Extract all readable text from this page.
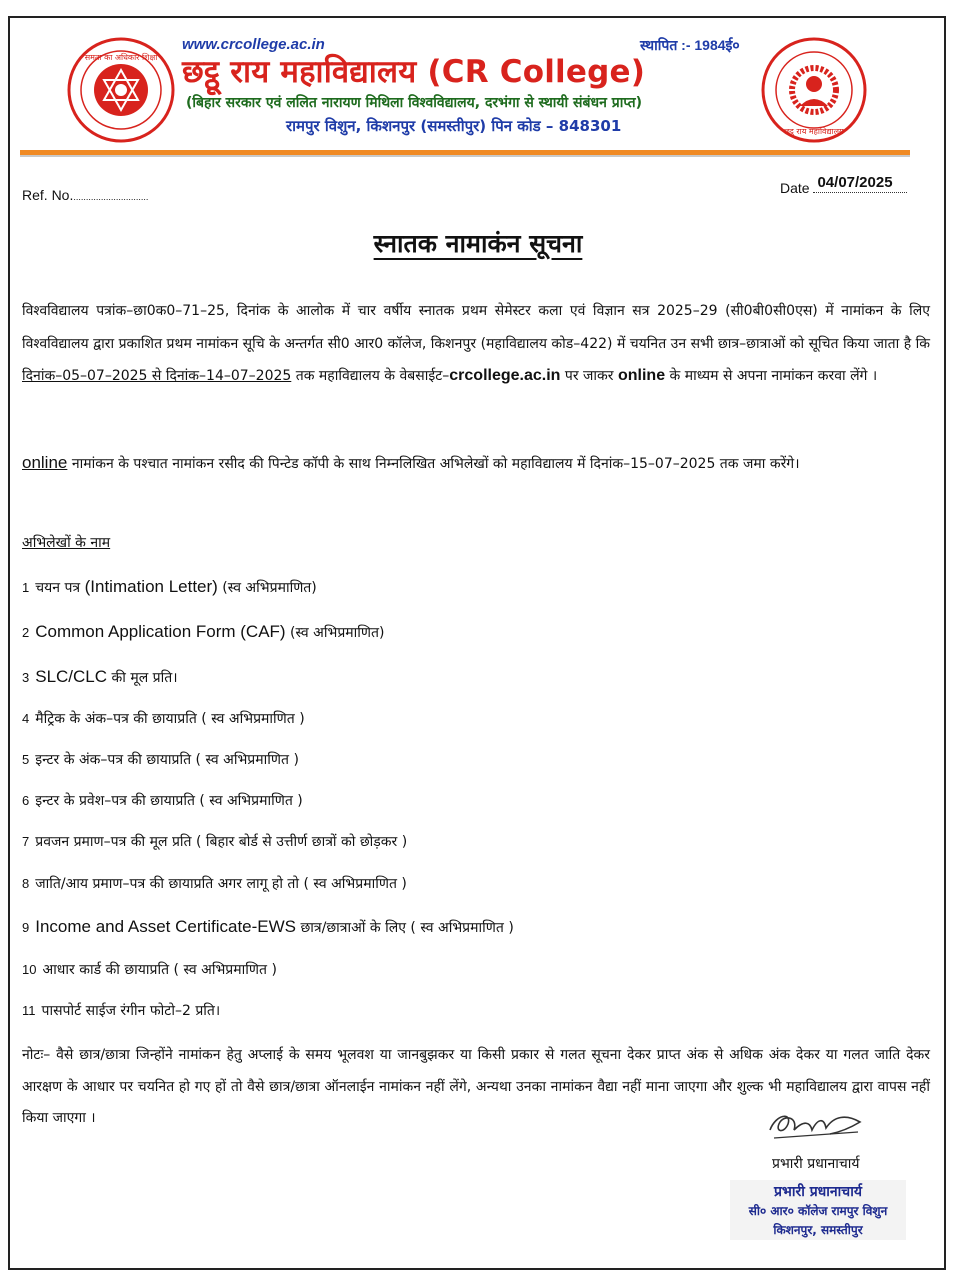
समता का अधिकार शिक्षा
छट्ठू राय महाविद्यालय
www.crcollege.ac.in	स्थापित :- 1984ई०
छट्ठू राय महाविद्यालय (CR College)
(बिहार सरकार एवं ललित नारायण मिथिला विश्वविद्यालय, दरभंगा से स्थायी संबंधन प्राप्त)
रामपुर विशुन, किशनपुर (समस्तीपुर) पिन कोड – 848301
Ref. No...............................
Date 04/07/2025
स्नातक नामाकंन सूचना
विश्वविद्यालय पत्रांक–छा0क0–71–25, दिनांक के आलोक में चार वर्षीय स्नातक प्रथम सेमेस्टर कला एवं विज्ञान सत्र 2025–29 (सी0बी0सी0एस) में नामांकन के लिए विश्वविद्यालय द्वारा प्रकाशित प्रथम नामांकन सूचि के अन्तर्गत सी0 आर0 कॉलेज, किशनपुर (महाविद्यालय कोड–422) में चयनित उन सभी छात्र–छात्राओं को सूचित किया जाता है कि दिनांक–05–07–2025 से दिनांक–14–07–2025 तक महाविद्यालय के वेबसाईट–crcollege.ac.in पर जाकर online के माध्यम से अपना नामांकन करवा लेंगे ।
online नामांकन के पश्चात नामांकन रसीद की पिन्टेड कॉपी के साथ निम्नलिखित अभिलेखों को महाविद्यालय में दिनांक–15–07–2025 तक जमा करेंगे।
अभिलेखों के नाम
1 चयन पत्र (Intimation Letter) (स्व अभिप्रमाणित)
2 Common Application Form (CAF) (स्व अभिप्रमाणित)
3 SLC/CLC की मूल प्रति।
4 मैट्रिक के अंक–पत्र की छायाप्रति ( स्व अभिप्रमाणित )
5 इन्टर के अंक–पत्र की छायाप्रति ( स्व अभिप्रमाणित )
6 इन्टर के प्रवेश–पत्र की छायाप्रति ( स्व अभिप्रमाणित )
7 प्रवजन प्रमाण–पत्र की मूल प्रति ( बिहार बोर्ड से उत्तीर्ण छात्रों को छोड़कर )
8 जाति/आय प्रमाण–पत्र की छायाप्रति अगर लागू हो तो ( स्व अभिप्रमाणित )
9 Income and Asset Certificate-EWS छात्र/छात्राओं के लिए ( स्व अभिप्रमाणित )
10 आधार कार्ड की छायाप्रति ( स्व अभिप्रमाणित )
11 पासपोर्ट साईज रंगीन फोटो–2 प्रति।
नोटः– वैसे छात्र/छात्रा जिन्होंने नामांकन हेतु अप्लाई के समय भूलवश या जानबुझकर या किसी प्रकार से गलत सूचना देकर प्राप्त अंक से अधिक अंक देकर या गलत जाति देकर आरक्षण के आधार पर चयनित हो गए हों तो वैसे छात्र/छात्रा ऑनलाईन नामांकन नहीं लेंगे, अन्यथा उनका नामांकन वैद्या नहीं माना जाएगा और शुल्क भी महाविद्यालय द्वारा वापस नहीं किया जाएगा ।
प्रभारी प्रधानाचार्य
प्रभारी प्रधानाचार्य
सी० आर० कॉलेज रामपुर विशुन
किशनपुर, समस्तीपुर
